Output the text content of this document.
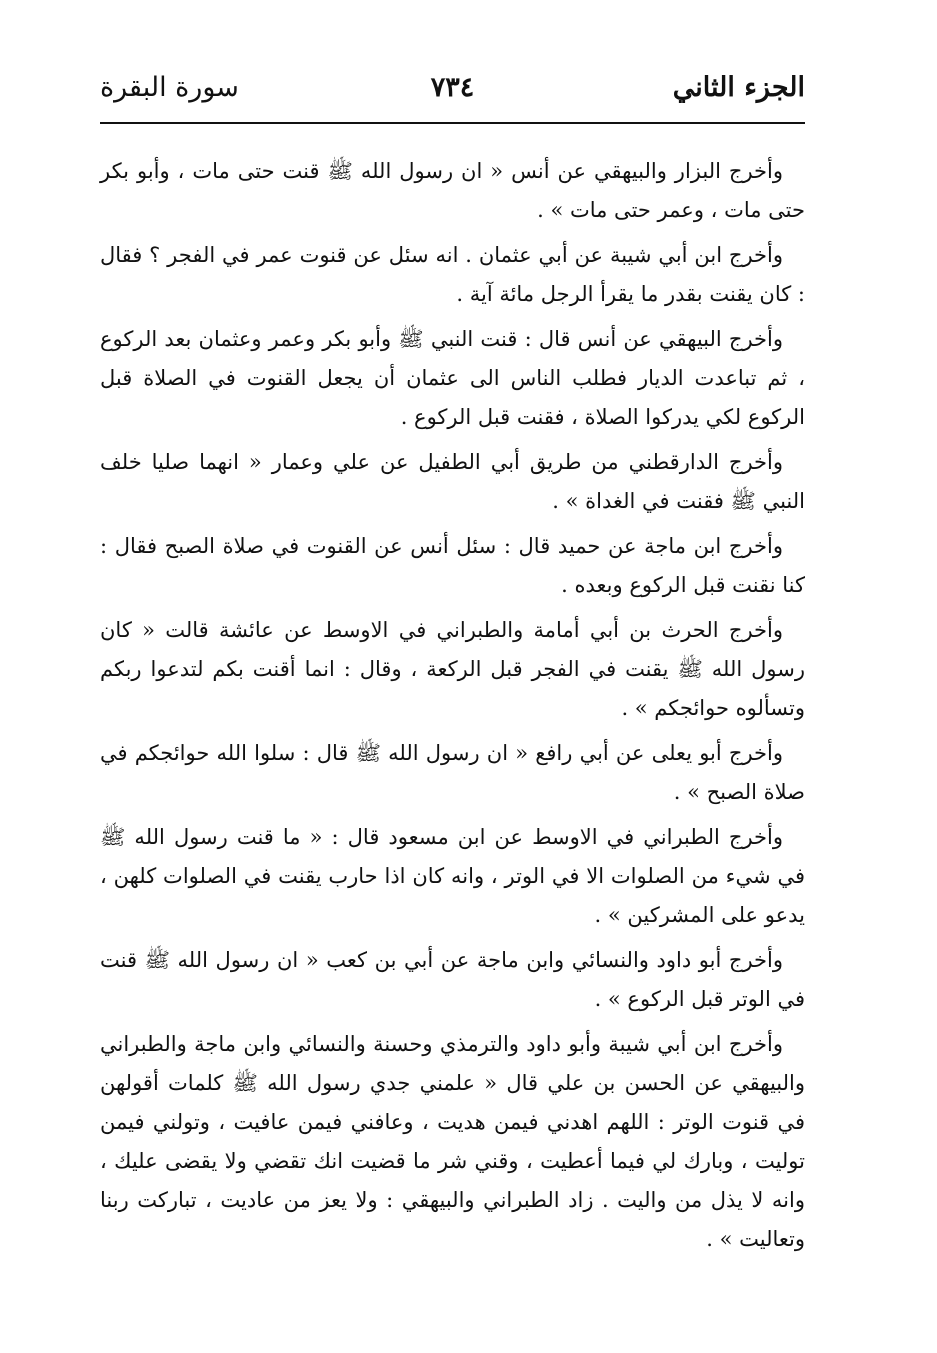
الجزء الثاني
٧٣٤
سورة البقرة

وأخرج البزار والبيهقي عن أنس « ان رسول الله ﷺ قنت حتى مات ، وأبو بكر حتى مات ، وعمر حتى مات » .

وأخرج ابن أبي شيبة عن أبي عثمان . انه سئل عن قنوت عمر في الفجر ؟ فقال : كان يقنت بقدر ما يقرأ الرجل مائة آية .

وأخرج البيهقي عن أنس قال : قنت النبي ﷺ وأبو بكر وعمر وعثمان بعد الركوع ، ثم تباعدت الديار فطلب الناس الى عثمان أن يجعل القنوت في الصلاة قبل الركوع لكي يدركوا الصلاة ، فقنت قبل الركوع .

وأخرج الدارقطني من طريق أبي الطفيل عن علي وعمار « انهما صليا خلف النبي ﷺ فقنت في الغداة » .

وأخرج ابن ماجة عن حميد قال : سئل أنس عن القنوت في صلاة الصبح فقال : كنا نقنت قبل الركوع وبعده .

وأخرج الحرث بن أبي أمامة والطبراني في الاوسط عن عائشة قالت « كان رسول الله ﷺ يقنت في الفجر قبل الركعة ، وقال : انما أقنت بكم لتدعوا ربكم وتسألوه حوائجكم » .

وأخرج أبو يعلى عن أبي رافع « ان رسول الله ﷺ قال : سلوا الله حوائجكم في صلاة الصبح » .

وأخرج الطبراني في الاوسط عن ابن مسعود قال : « ما قنت رسول الله ﷺ في شيء من الصلوات الا في الوتر ، وانه كان اذا حارب يقنت في الصلوات كلهن ، يدعو على المشركين » .

وأخرج أبو داود والنسائي وابن ماجة عن أبي بن كعب « ان رسول الله ﷺ قنت في الوتر قبل الركوع » .

وأخرج ابن أبي شيبة وأبو داود والترمذي وحسنة والنسائي وابن ماجة والطبراني والبيهقي عن الحسن بن علي قال « علمني جدي رسول الله ﷺ كلمات أقولهن في قنوت الوتر : اللهم اهدني فيمن هديت ، وعافني فيمن عافيت ، وتولني فيمن توليت ، وبارك لي فيما أعطيت ، وقني شر ما قضيت انك تقضي ولا يقضى عليك ، وانه لا يذل من واليت . زاد الطبراني والبيهقي : ولا يعز من عاديت ، تباركت ربنا وتعاليت » .
